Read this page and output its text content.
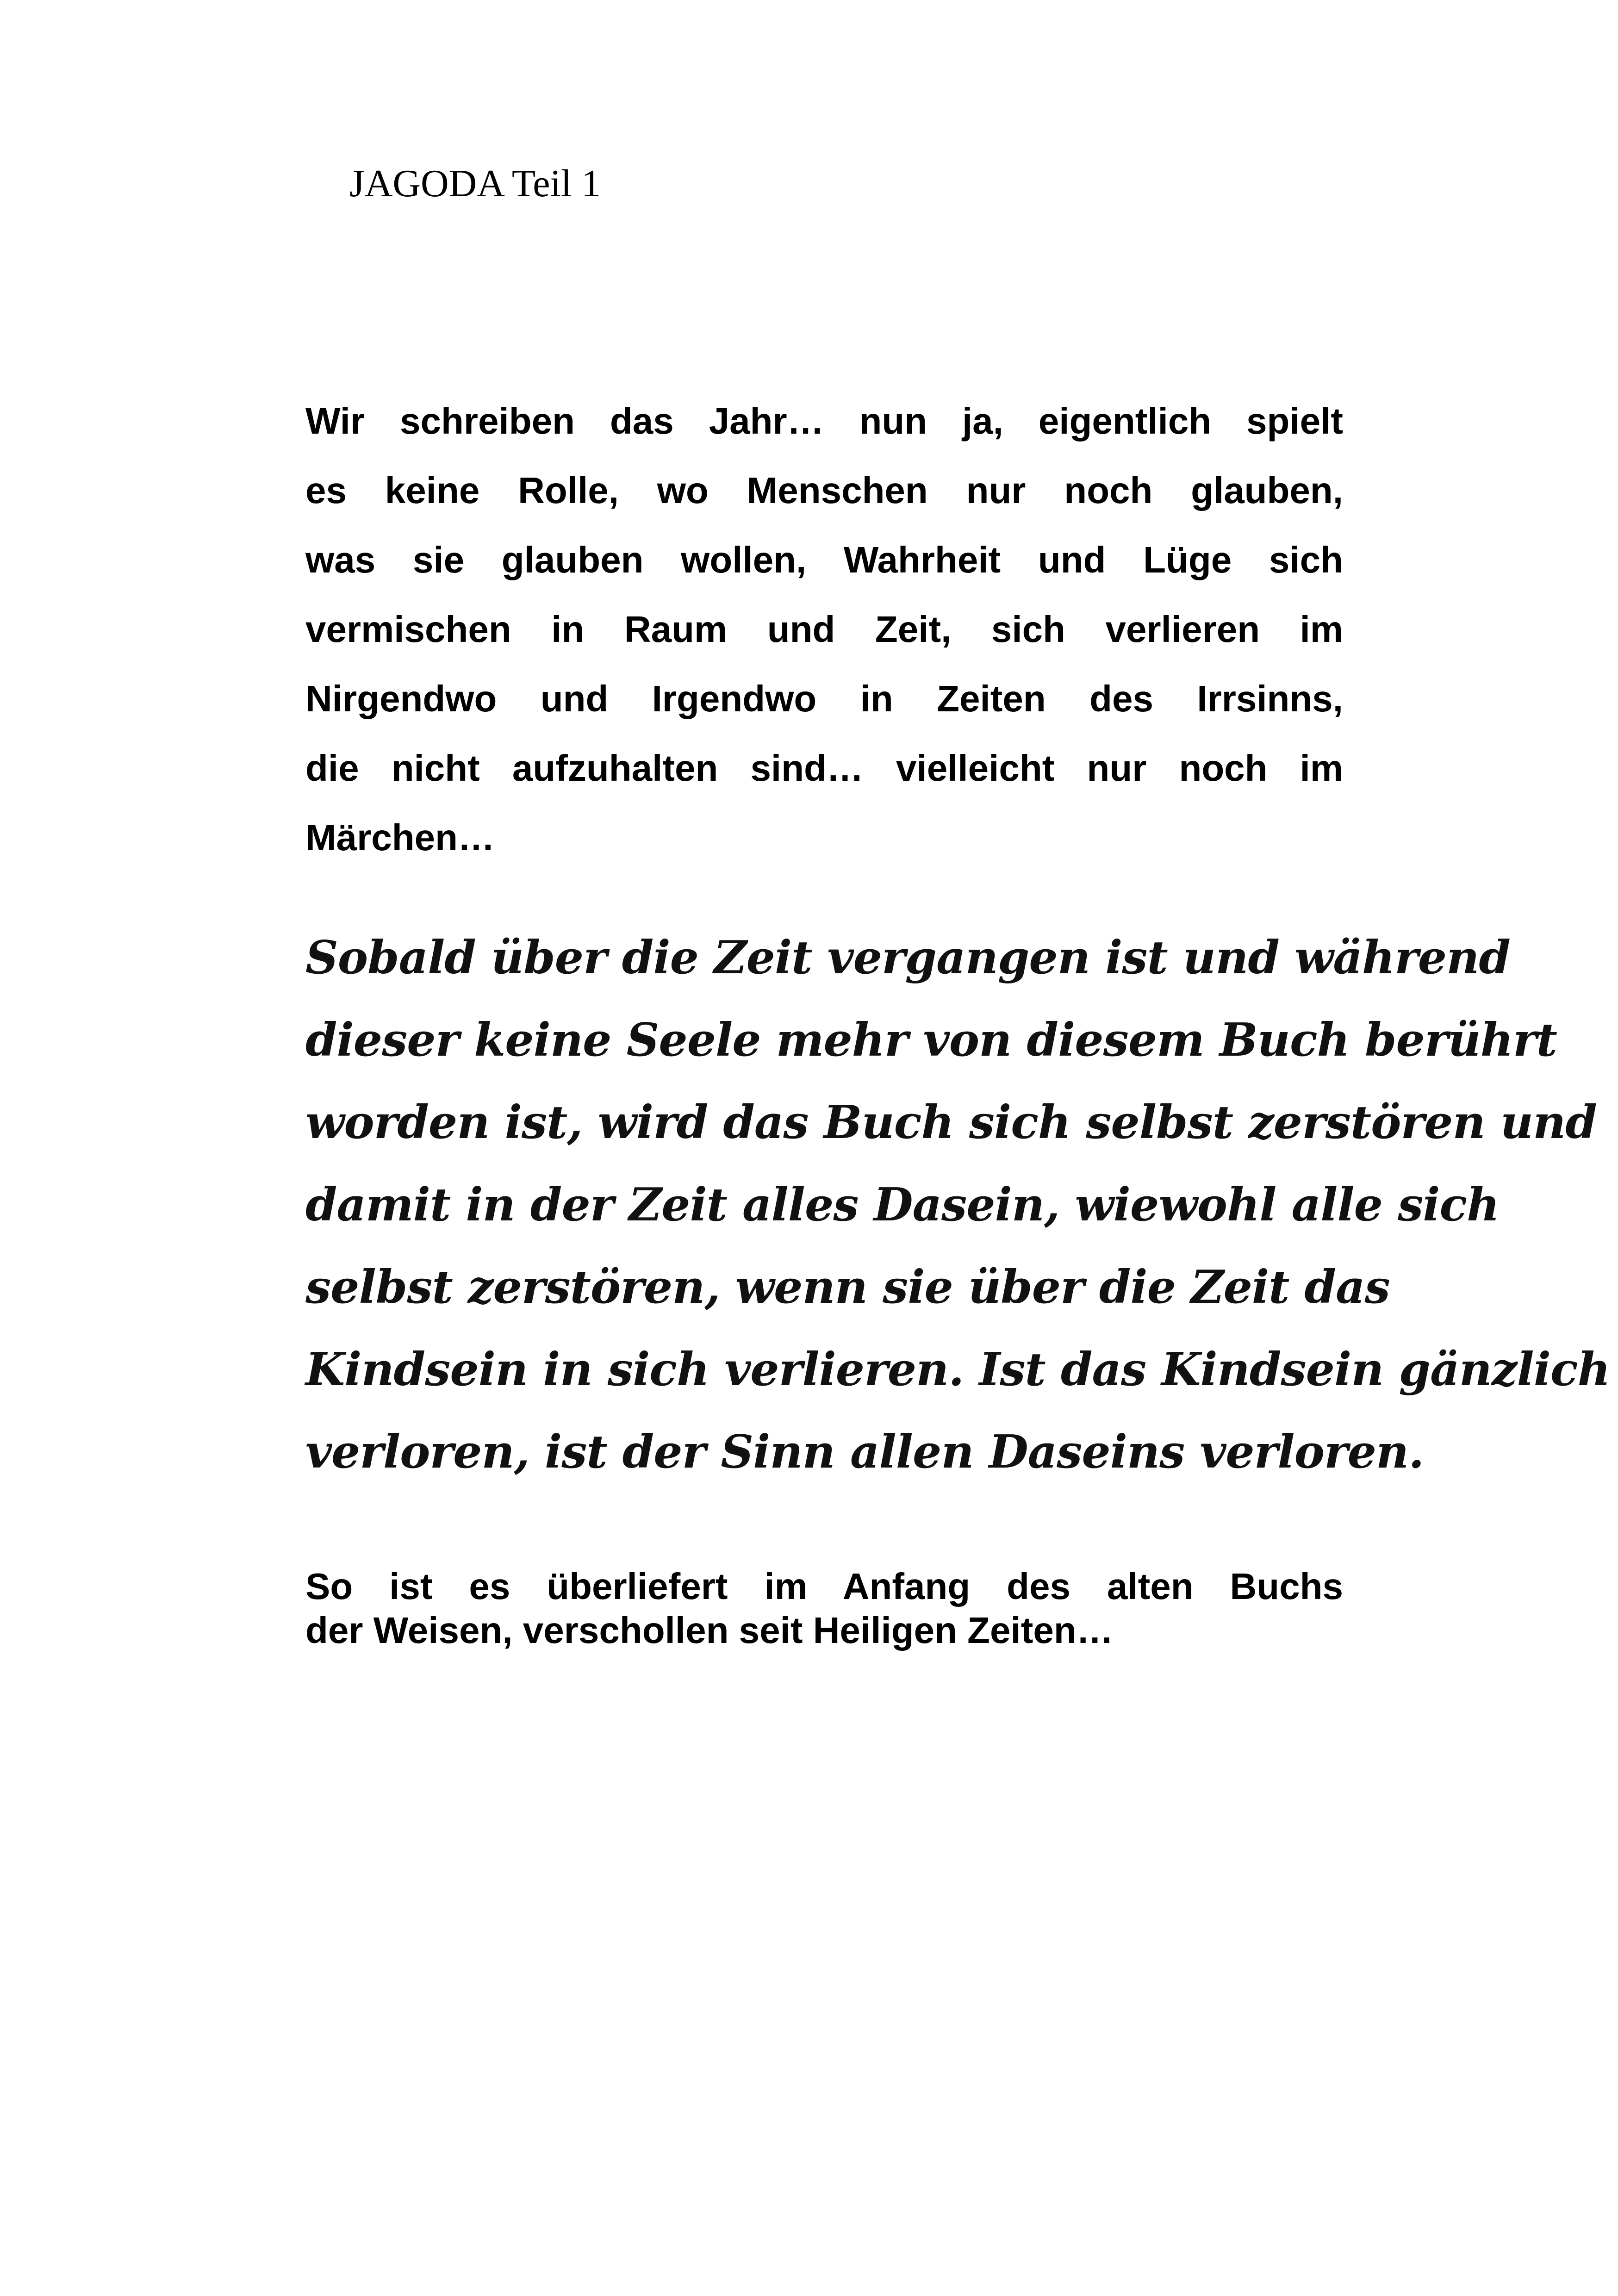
JAGODA Teil 1
Wir schreiben das Jahr… nun ja, eigentlich spielt
es keine Rolle, wo Menschen nur noch glauben,
was sie glauben wollen, Wahrheit und Lüge sich
vermischen in Raum und Zeit, sich verlieren im
Nirgendwo und Irgendwo in Zeiten des Irrsinns,
die nicht aufzuhalten sind… vielleicht nur noch im
Märchen…
Sobald über die Zeit vergangen ist und während
dieser keine Seele mehr von diesem Buch berührt
worden ist, wird das Buch sich selbst zerstören und
damit in der Zeit alles Dasein, wiewohl alle sich
selbst zerstören, wenn sie über die Zeit das
Kindsein in sich verlieren. Ist das Kindsein gänzlich
verloren, ist der Sinn allen Daseins verloren.
So ist es überliefert im Anfang des alten Buchs
der Weisen, verschollen seit Heiligen Zeiten…
